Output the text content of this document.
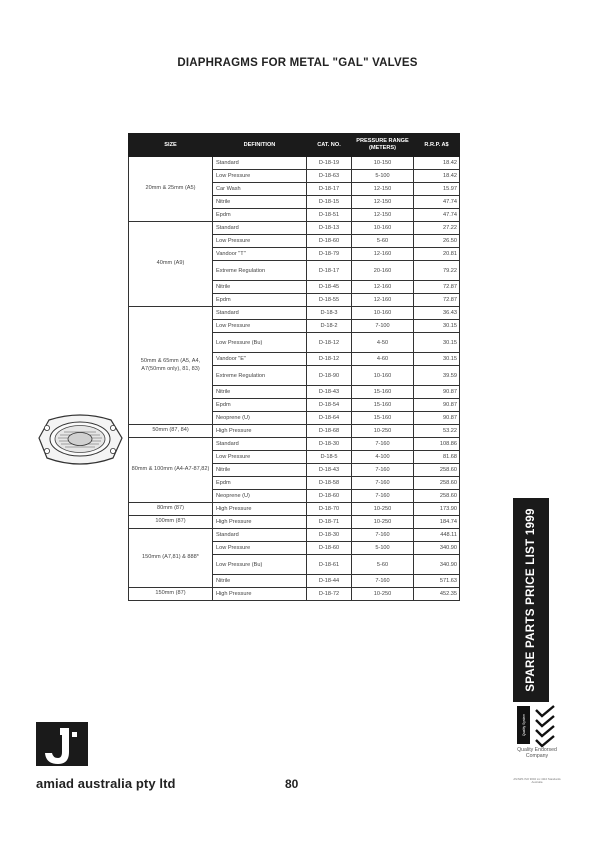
DIAPHRAGMS FOR METAL "GAL" VALVES
SIZE	DEFINITION	CAT. NO.	PRESSURE RANGE (METERS)	R.R.P. A$
20mm & 25mm (A5)	Standard	D-18-19	10-150	18.42
	Low Pressure	D-18-63	5-100	18.42
	Car Wash	D-18-17	12-150	15.97
	Nitrile	D-18-15	12-150	47.74
	Epdm	D-18-51	12-150	47.74
40mm (A9)	Standard	D-18-13	10-160	27.22
	Low Pressure	D-18-60	5-60	26.50
	Vandoor "T"	D-18-79	12-160	20.81
	Extreme Regulation	D-18-17	20-160	79.22
	Nitrile	D-18-45	12-160	72.87
	Epdm	D-18-55	12-160	72.87
50mm & 65mm (A5, A4, A7(50mm only), 81, 83)	Standard	D-18-3	10-160	36.43
	Low Pressure	D-18-2	7-100	30.15
	Low Pressure (Bu)	D-18-12	4-50	30.15
	Vandoor "E"	D-18-12	4-60	30.15
	Extreme Regulation	D-18-90	10-160	39.59
	Nitrile	D-18-43	15-160	90.87
	Epdm	D-18-54	15-160	90.87
	Neoprene (U)	D-18-64	15-160	90.87
50mm (87, 84)	High Pressure	D-18-68	10-250	53.22
80mm & 100mm (A4-A7-87,82)	Standard	D-18-30	7-160	108.86
	Low Pressure	D-18-5	4-100	81.68
	Nitrile	D-18-43	7-160	258.60
	Epdm	D-18-58	7-160	258.60
	Neoprene (U)	D-18-60	7-160	258.60
80mm (87)	High Pressure	D-18-70	10-250	173.90
100mm (87)	High Pressure	D-18-71	10-250	184.74
150mm (A7,81) & 888*	Standard	D-18-30	7-160	448.11
	Low Pressure	D-18-60	5-100	340.90
	Low Pressure (Bu)	D-18-61	5-60	340.90
	Nitrile	D-18-44	7-160	571.63
150mm (87)	High Pressure	D-18-72	10-250	452.35	SPARE PARTS PRICE LIST 1999
Quality System
Quality Endorsed Company
AS/NZS ISO 9002 Lic 4110 Standards Australia
amiad australia pty ltd	80
